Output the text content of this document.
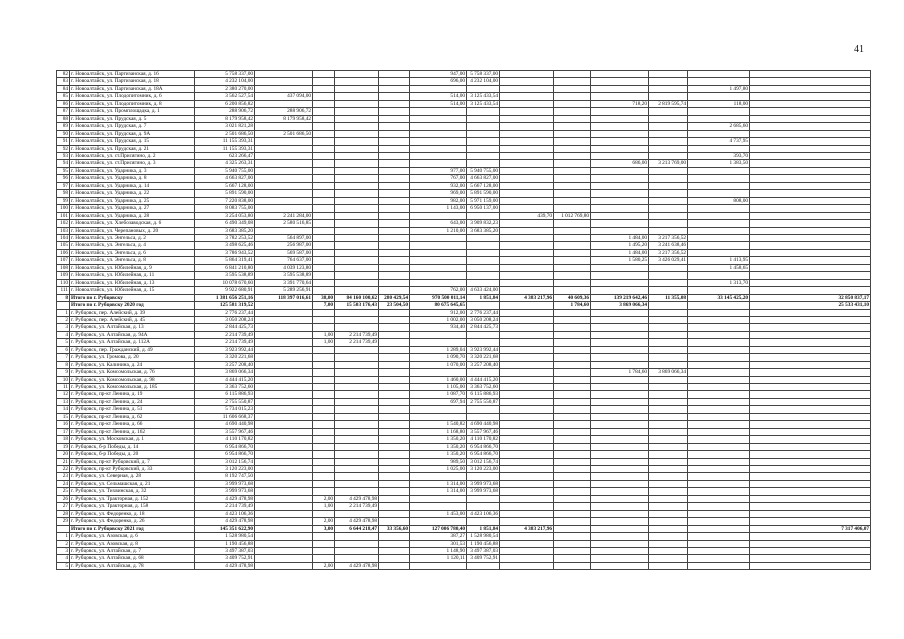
41
82	г. Новоалтайск, ул. Партизанская, д. 16	5 758 337,00					947,00	5 758 337,00						
83	г. Новоалтайск, ул. Партизанская, д. 18	4 232 104,00					696,00	4 232 104,00						
84	г. Новоалтайск, ул. Партизанская, д. 18А	2 380 270,00											1 497,80	
85	г. Новоалтайск, ул. Плодопитомник, д. 6	3 562 527,54	437 094,00				514,00	3 125 433,54						
86	г. Новоалтайск, ул. Плодопитомник, д. 8	6 200 856,82					514,00	3 125 433,54			718,20	2 819 595,74	118,00	
87	г. Новоалтайск, ул. Промплощадка, д. 1	288 906,72	288 906,72											
88	г. Новоалтайск, ул. Прудская, д. 5	8 179 958,42	8 179 958,42											
89	г. Новоалтайск, ул. Прудская, д. 7	3 021 821,28											2 685,60	
90	г. Новоалтайск, ул. Прудская, д. 9А	2 501 686,50	2 501 686,50											
91	г. Новоалтайск, ул. Прудская, д. 15	11 155 393,31											4 737,95	
92	г. Новоалтайск, ул. Прудская, д. 21	11 155 393,31												
93	г. Новоалтайск, ул. ст.Присягино, д. 2	623 266,47											393,70	
94	г. Новоалтайск, ул. ст.Присягино, д. 3	4 325 263,31									686,00	3 213 769,00	1 383,50	
95	г. Новоалтайск, ул. Ударника, д. 3	5 940 755,00					977,00	5 940 755,00						
96	г. Новоалтайск, ул. Ударника, д. 8	4 663 827,00					767,00	4 663 827,00						
97	г. Новоалтайск, ул. Ударника, д. 14	5 667 128,00					932,00	5 667 128,00						
98	г. Новоалтайск, ул. Ударника, д. 22	5 891 590,00					969,00	5 891 590,00						
99	г. Новоалтайск, ул. Ударника, д. 25	7 220 838,00					982,00	5 971 159,00					808,00	
100	г. Новоалтайск, ул. Ударника, д. 27	8 083 755,00					1 143,00	6 950 137,00						
101	г. Новоалтайск, ул. Ударника, д. 28	3 254 053,80	2 241 284,00						439,70	1 012 769,80				
102	г. Новоалтайск, ул. Хлебозаводская, д. 6	6 490 349,08	2 580 516,85				643,00	3 909 832,23						
103	г. Новоалтайск, ул. Черепановых, д. 20	3 683 385,20					1 210,00	3 683 385,20						
104	г. Новоалтайск, ул. Энгельса, д. 2	3 782 253,52	564 897,00								1 484,00	3 217 356,52		
105	г. Новоалтайск, ул. Энгельса, д. 4	3 498 625,46	256 987,00								1 495,20	3 241 638,46		
106	г. Новоалтайск, ул. Энгельса, д. 6	3 786 943,52	569 587,00								1 484,00	3 217 356,52		
107	г. Новоалтайск, ул. Энгельса, д. 8	5 864 319,41	764 637,00								1 580,25	3 426 029,41	1 413,95	
108	г. Новоалтайск, ул. Юбилейная, д. 9	6 841 210,80	4 039 123,80										1 458,65	
109	г. Новоалтайск, ул. Юбилейная, д. 11	3 595 538,89	3 595 538,89											
110	г. Новоалтайск, ул. Юбилейная, д. 13	10 078 670,60	3 391 770,64										1 313,70	
111	г. Новоалтайск, ул. Юбилейная, д. 15	9 922 680,91	5 289 256,91				762,00	4 633 424,00						
8	Итого по г. Рубцовску	1 381 656 251,16	118 397 016,61	38,00	84 160 100,62	280 429,54	970 500 011,14	1 851,84	4 383 217,96	40 609,36	139 219 642,46	11 355,08	33 145 425,20	32 850 837,17
	Итого по г. Рубцовску 2020 год	125 581 319,52		7,00	15 503 176,43	23 504,50	80 675 645,65			1 784,60	3 869 066,34			25 533 431,10
1	г. Рубцовск, пер. Алейский, д. 39	2 776 237,44					912,00	2 776 237,44						
2	г. Рубцовск, пер. Алейский, д. 45	3 050 208,24					1 002,00	3 050 208,24						
3	г. Рубцовск, ул. Алтайская, д. 13	2 844 425,73					934,40	2 844 425,73						
4	г. Рубцовск, ул. Алтайская, д. 94А	2 214 739,49		1,00	2 214 739,49									
5	г. Рубцовск, ул. Алтайская, д. 112А	2 214 739,49		1,00	2 214 739,49									
6	г. Рубцовск, пер. Гражданский, д. 49	3 923 992,44					1 289,04	3 923 992,44						
7	г. Рубцовск, ул. Громова, д. 20	3 320 221,68					1 090,70	3 320 221,68						
8	г. Рубцовск, ул. Калинина, д. 24	3 257 208,40					1 070,00	3 257 208,40						
9	г. Рубцовск, ул. Комсомольская, д. 76	3 869 066,34									1 784,60	3 869 066,34		
10	г. Рубцовск, ул. Комсомольская, д. 98	4 444 415,20					1 460,00	4 444 415,20						
11	г. Рубцовск, ул. Комсомольская, д. 185	3 363 752,60					1 105,00	3 363 752,60						
12	г. Рубцовск, пр-кт Ленина, д. 19	6 115 886,93					1 087,70	6 115 886,93						
13	г. Рубцовск, пр-кт Ленина, д. 24	2 755 550,87					697,94	2 755 550,87						
14	г. Рубцовск, пр-кт Ленина, д. 51	5 734 015,23												
15	г. Рубцовск, пр-кт Ленина, д. 62	11 606 668,37												
16	г. Рубцовск, пр-кт Ленина, д. 66	4 690 440,98					1 540,82	4 690 440,98						
17	г. Рубцовск, пр-кт Ленина, д. 162	3 557 967,46					1 168,80	3 557 967,46						
18	г. Рубцовск, ул. Московская, д. 1	4 110 170,82					1 350,20	4 110 170,82						
19	г. Рубцовск, б-р Победы, д. 14	6 954 866,70					1 350,20	6 954 866,70						
20	г. Рубцовск, б-р Победы, д. 20	6 954 866,70					1 350,20	6 954 866,70						
21	г. Рубцовск, пр-кт Рубцовский, д. 7	3 012 156,74					989,50	3 012 156,74						
22	г. Рубцовск, пр-кт Рубцовский, д. 33	3 120 223,00					1 025,00	3 120 223,00						
23	г. Рубцовск, ул. Северная, д. 28	8 192 747,50												
24	г. Рубцовск, ул. Сельмашская, д. 21	3 999 973,68					1 314,00	3 999 973,68						
25	г. Рубцовск, ул. Тихвинская, д. 32	3 999 973,68					1 314,00	3 999 973,68						
26	г. Рубцовск, ул. Тракторная, д. 152	4 429 478,98		2,00	4 429 478,98									
27	г. Рубцовск, ул. Тракторная, д. 158	2 214 739,49		1,00	2 214 739,49									
28	г. Рубцовск, ул. Федоренко, д. 18	4 423 106,36					1 453,00	4 423 106,36						
29	г. Рубцовск, ул. Федоренко, д. 26	4 429 478,98		2,00	4 429 478,98									
	Итого по г. Рубцовску 2021 год	145 351 622,90		3,00	6 644 218,47	33 356,60	127 006 780,40	1 851,84	4 383 217,96					7 317 406,07
1	г. Рубцовск, ул. Азовская, д. 6	1 528 980,54					387,27	1 528 980,54						
2	г. Рубцовск, ул. Азовская, д. 8	1 190 456,88					301,53	1 190 456,88						
3	г. Рубцовск, ул. Алтайская, д. 7	3 497 387,03					1 148,90	3 497 387,03						
4	г. Рубцовск, ул. Алтайская, д. 68	3 409 752,91					1 120,11	3 409 752,91						
5	г. Рубцовск, ул. Алтайская, д. 78	4 429 478,98		2,00	4 429 478,98									
